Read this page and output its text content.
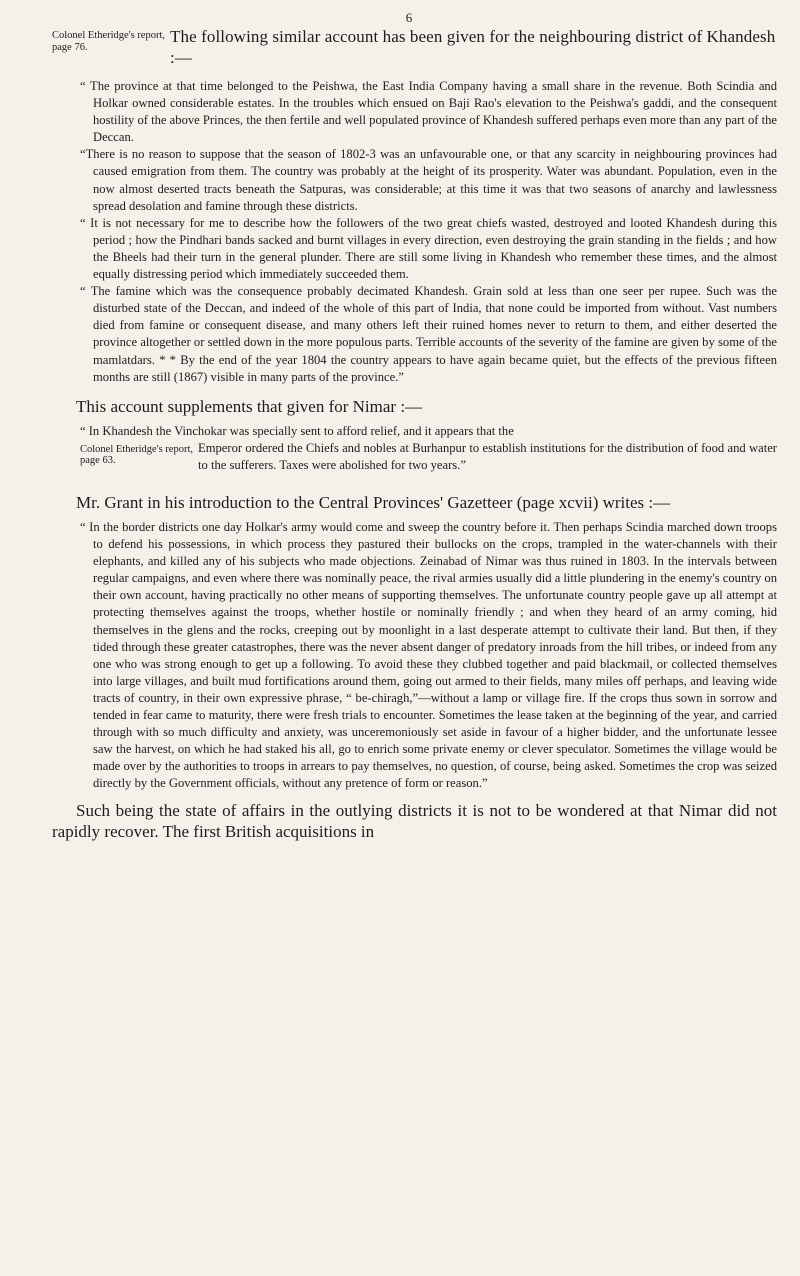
6
Colonel Etheridge's report, page 76.
The following similar account has been given for the neighbouring district of Khandesh :—

“ The province at that time belonged to the Peishwa, the East India Company having a small share in the revenue. Both Scindia and Holkar owned considerable estates. In the troubles which ensued on Baji Rao's elevation to the Peishwa's gaddi, and the consequent hostility of the above Princes, the then fertile and well populated province of Khandesh suffered perhaps even more than any part of the Deccan.

“There is no reason to suppose that the season of 1802-3 was an unfavourable one, or that any scarcity in neighbouring provinces had caused emigration from them. The country was probably at the height of its prosperity. Water was abundant. Population, even in the now almost deserted tracts beneath the Satpuras, was considerable; at this time it was that two seasons of anarchy and lawlessness spread desolation and famine through these districts.

“ It is not necessary for me to describe how the followers of the two great chiefs wasted, destroyed and looted Khandesh during this period ; how the Pindhari bands sacked and burnt villages in every direction, even destroying the grain standing in the fields ; and how the Bheels had their turn in the general plunder. There are still some living in Khandesh who remember these times, and the almost equally distressing period which immediately succeeded them.

“ The famine which was the consequence probably decimated Khandesh. Grain sold at less than one seer per rupee. Such was the disturbed state of the Deccan, and indeed of the whole of this part of India, that none could be imported from without. Vast numbers died from famine or consequent disease, and many others left their ruined homes never to return to them, and either deserted the province altogether or settled down in the more populous parts. Terrible accounts of the severity of the famine are given by some of the mamlatdars. * * By the end of the year 1804 the country appears to have again became quiet, but the effects of the previous fifteen months are still (1867) visible in many parts of the province.”

This account supplements that given for Nimar :—

“ In Khandesh the Vinchokar was specially sent to afford relief, and it appears that the

Colonel Etheridge's report, page 63.
Emperor ordered the Chiefs and nobles at Burhanpur to establish institutions for the distribution of food and water to the sufferers. Taxes were abolished for two years.”

Mr. Grant in his introduction to the Central Provinces' Gazetteer (page xcvii) writes :—

“ In the border districts one day Holkar's army would come and sweep the country before it. Then perhaps Scindia marched down troops to defend his possessions, in which process they pastured their bullocks on the crops, trampled in the water-channels with their elephants, and killed any of his subjects who made objections. Zeinabad of Nimar was thus ruined in 1803. In the intervals between regular campaigns, and even where there was nominally peace, the rival armies usually did a little plundering in the enemy's country on their own account, having practically no other means of supporting themselves. The unfortunate country people gave up all attempt at protecting themselves against the troops, whether hostile or nominally friendly ; and when they heard of an army coming, hid themselves in the glens and the rocks, creeping out by moonlight in a last desperate attempt to cultivate their land. But then, if they tided through these greater catastrophes, there was the never absent danger of predatory inroads from the hill tribes, or indeed from any one who was strong enough to get up a following. To avoid these they clubbed together and paid blackmail, or collected themselves into large villages, and built mud fortifications around them, going out armed to their fields, many miles off perhaps, and leaving wide tracts of country, in their own expressive phrase, “ be-chiragh,”—without a lamp or village fire. If the crops thus sown in sorrow and tended in fear came to maturity, there were fresh trials to encounter. Sometimes the lease taken at the beginning of the year, and carried through with so much difficulty and anxiety, was unceremoniously set aside in favour of a higher bidder, and the unfortunate lessee saw the harvest, on which he had staked his all, go to enrich some private enemy or clever speculator. Sometimes the village would be made over by the authorities to troops in arrears to pay themselves, no question, of course, being asked. Sometimes the crop was seized directly by the Government officials, without any pretence of form or reason.”

Such being the state of affairs in the outlying districts it is not to be wondered at that Nimar did not rapidly recover. The first British acquisitions in
